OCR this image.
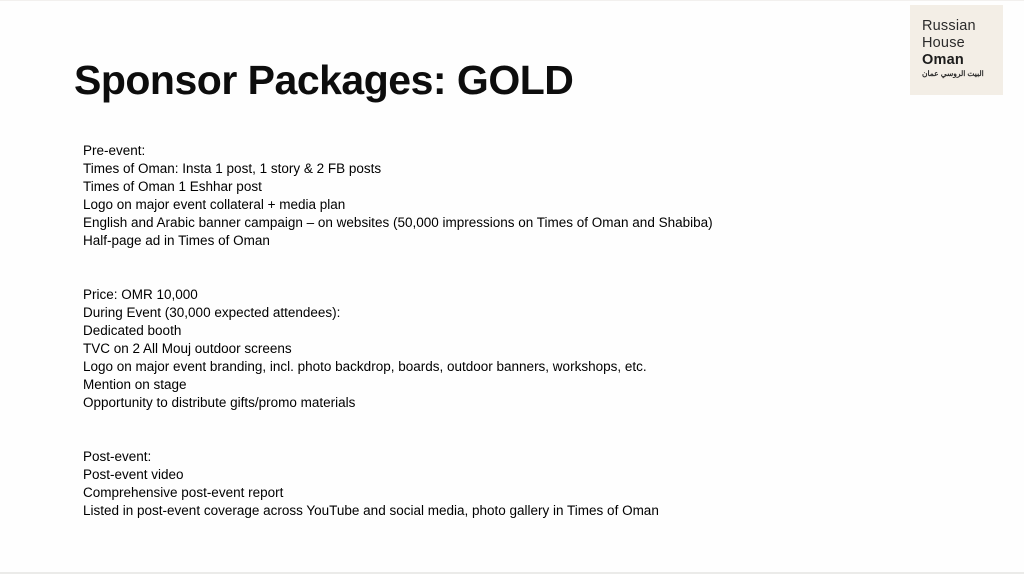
Sponsor Packages: GOLD
Russian
House
Oman
البيت الروسي عمان
Pre-event:
Times of Oman: Insta 1 post, 1 story & 2 FB posts
Times of Oman 1 Eshhar post
Logo on major event collateral + media plan
English and Arabic banner campaign – on websites (50,000 impressions on Times of Oman and Shabiba)
Half-page ad in Times of Oman
Price: OMR 10,000
During Event (30,000 expected attendees):
Dedicated booth
TVC on 2 All Mouj outdoor screens
Logo on major event branding, incl. photo backdrop, boards, outdoor banners, workshops, etc.
Mention on stage
Opportunity to distribute gifts/promo materials
Post-event:
Post-event video
Comprehensive post-event report
Listed in post-event coverage across YouTube and social media, photo gallery in Times of Oman
